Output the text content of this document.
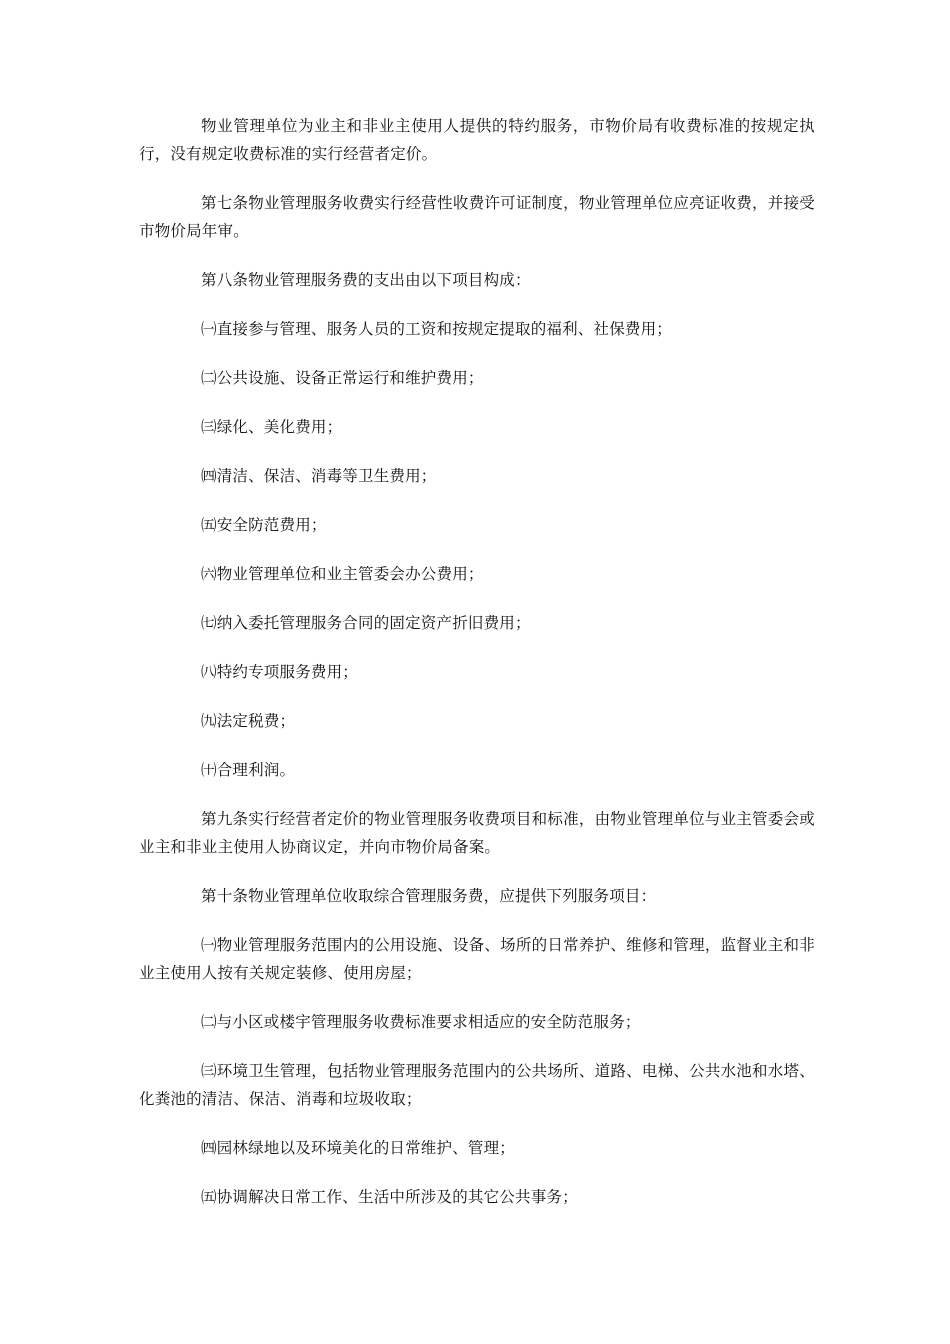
物业管理单位为业主和非业主使用人提供的特约服务，市物价局有收费标准的按规定执行，没有规定收费标准的实行经营者定价。

第七条物业管理服务收费实行经营性收费许可证制度，物业管理单位应亮证收费，并接受市物价局年审。

第八条物业管理服务费的支出由以下项目构成：

㈠直接参与管理、服务人员的工资和按规定提取的福利、社保费用；

㈡公共设施、设备正常运行和维护费用；

㈢绿化、美化费用；

㈣清洁、保洁、消毒等卫生费用；

㈤安全防范费用；

㈥物业管理单位和业主管委会办公费用；

㈦纳入委托管理服务合同的固定资产折旧费用；

㈧特约专项服务费用；

㈨法定税费；

㈩合理利润。

第九条实行经营者定价的物业管理服务收费项目和标准，由物业管理单位与业主管委会或业主和非业主使用人协商议定，并向市物价局备案。

第十条物业管理单位收取综合管理服务费，应提供下列服务项目：

㈠物业管理服务范围内的公用设施、设备、场所的日常养护、维修和管理，监督业主和非业主使用人按有关规定装修、使用房屋；

㈡与小区或楼宇管理服务收费标准要求相适应的安全防范服务；

㈢环境卫生管理，包括物业管理服务范围内的公共场所、道路、电梯、公共水池和水塔、化粪池的清洁、保洁、消毒和垃圾收取；

㈣园林绿地以及环境美化的日常维护、管理；

㈤协调解决日常工作、生活中所涉及的其它公共事务；
